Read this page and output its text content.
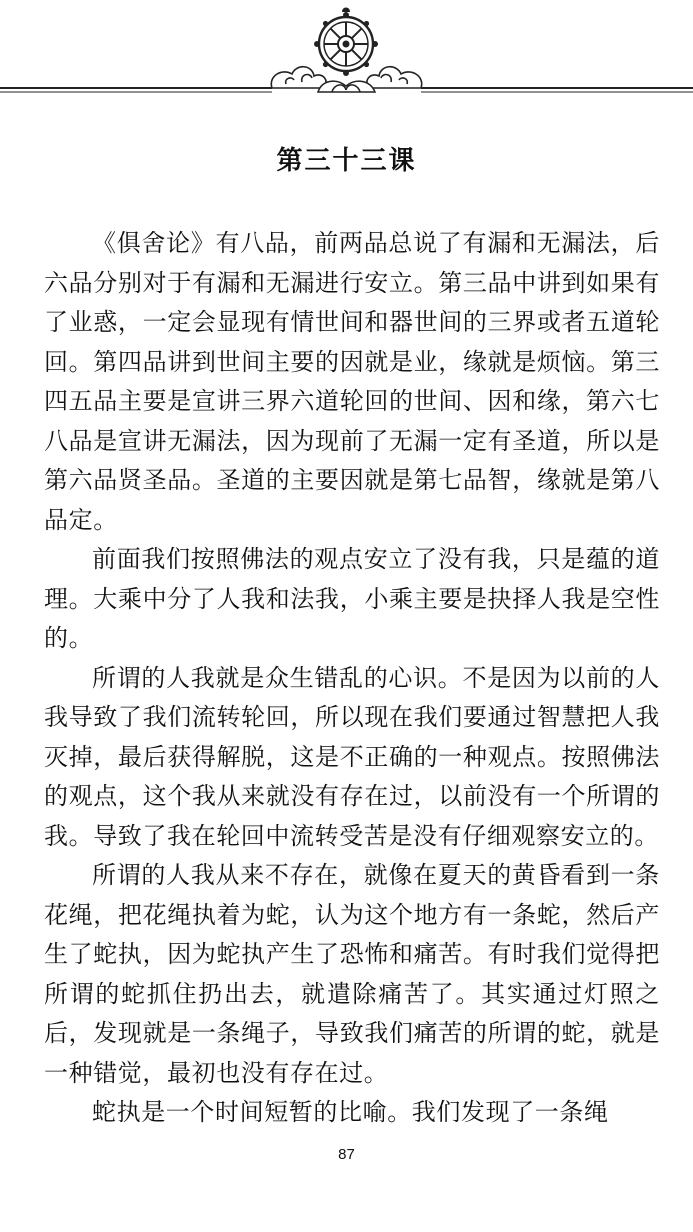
第三十三课

《俱舍论》有八品，前两品总说了有漏和无漏法，后六品分别对于有漏和无漏进行安立。第三品中讲到如果有了业惑，一定会显现有情世间和器世间的三界或者五道轮回。第四品讲到世间主要的因就是业，缘就是烦恼。第三四五品主要是宣讲三界六道轮回的世间、因和缘，第六七八品是宣讲无漏法，因为现前了无漏一定有圣道，所以是第六品贤圣品。圣道的主要因就是第七品智，缘就是第八品定。

前面我们按照佛法的观点安立了没有我，只是蕴的道理。大乘中分了人我和法我，小乘主要是抉择人我是空性的。

所谓的人我就是众生错乱的心识。不是因为以前的人我导致了我们流转轮回，所以现在我们要通过智慧把人我灭掉，最后获得解脱，这是不正确的一种观点。按照佛法的观点，这个我从来就没有存在过，以前没有一个所谓的我。导致了我在轮回中流转受苦是没有仔细观察安立的。

所谓的人我从来不存在，就像在夏天的黄昏看到一条花绳，把花绳执着为蛇，认为这个地方有一条蛇，然后产生了蛇执，因为蛇执产生了恐怖和痛苦。有时我们觉得把所谓的蛇抓住扔出去，就遣除痛苦了。其实通过灯照之后，发现就是一条绳子，导致我们痛苦的所谓的蛇，就是一种错觉，最初也没有存在过。

蛇执是一个时间短暂的比喻。我们发现了一条绳

87
